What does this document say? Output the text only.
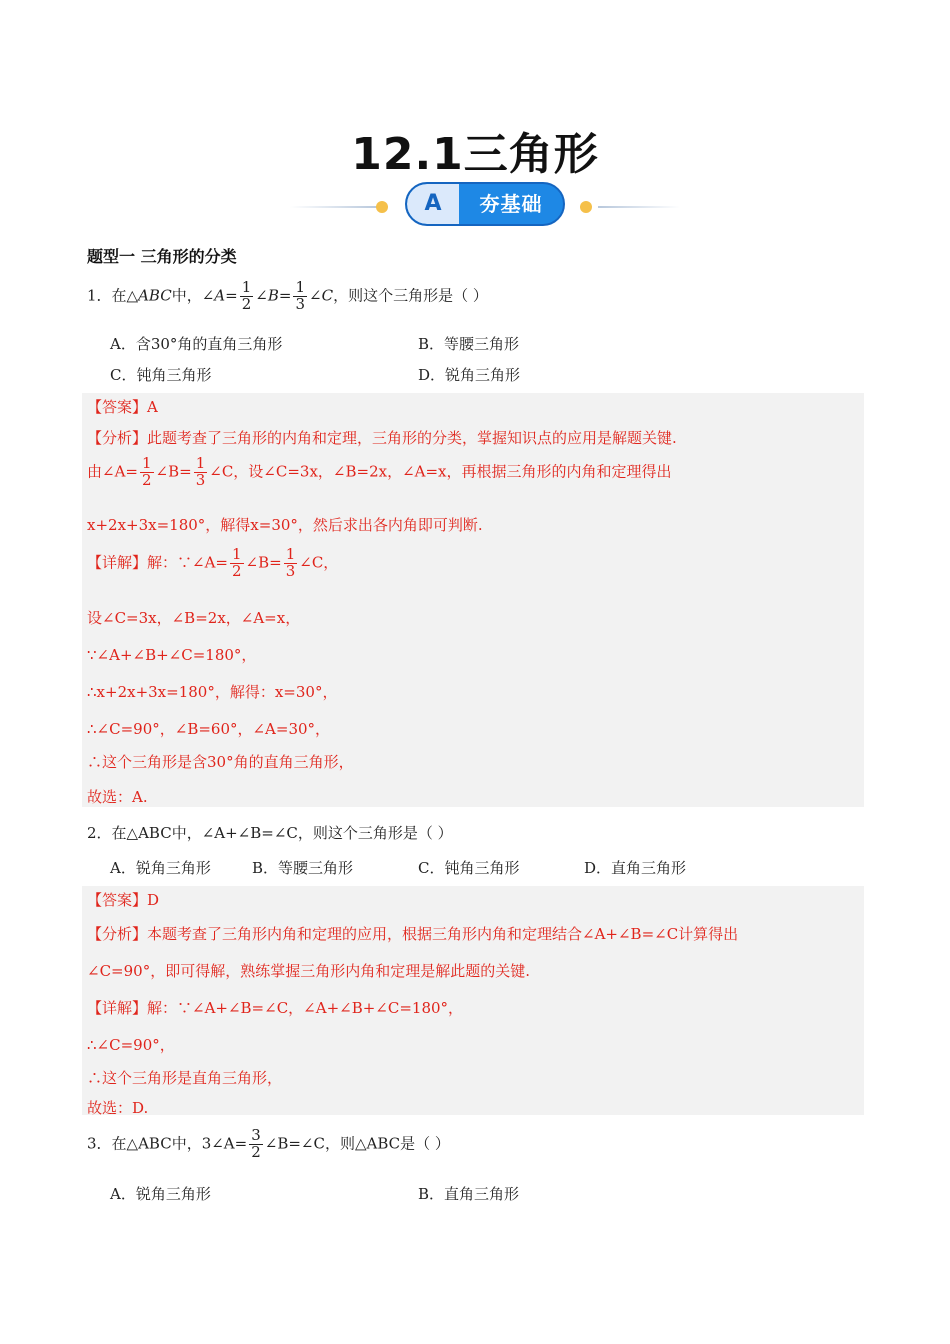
12.1三角形
A	夯基础
题型一 三角形的分类
1．在△ABC中，∠A= $\frac{1}{2}$ ∠B= $\frac{1}{3}$ ∠C，则这个三角形是（ ）
A．含30°角的直角三角形	B．等腰三角形
C．钝角三角形	D．锐角三角形
【答案】A
【分析】此题考查了三角形的内角和定理，三角形的分类，掌握知识点的应用是解题关键.
由∠A= $\frac{1}{2}$ ∠B= $\frac{1}{3}$ ∠C，设∠C=3x，∠B=2x，∠A=x，再根据三角形的内角和定理得出
x+2x+3x=180°，解得x=30°，然后求出各内角即可判断.
【详解】解：∵∠A= $\frac{1}{2}$ ∠B= $\frac{1}{3}$ ∠C，
设∠C=3x，∠B=2x，∠A=x，
∵∠A+∠B+∠C=180°，
∴x+2x+3x=180°，解得：x=30°，
∴∠C=90°，∠B=60°，∠A=30°，
∴这个三角形是含30°角的直角三角形，
故选：A.
2．在△ABC中，∠A+∠B=∠C，则这个三角形是（ ）
A．锐角三角形	B．等腰三角形	C．钝角三角形	D．直角三角形
【答案】D
【分析】本题考查了三角形内角和定理的应用，根据三角形内角和定理结合∠A+∠B=∠C计算得出
∠C=90°，即可得解，熟练掌握三角形内角和定理是解此题的关键.
【详解】解：∵∠A+∠B=∠C，∠A+∠B+∠C=180°，
∴∠C=90°，
∴这个三角形是直角三角形，
故选：D.
3．在△ABC中，3∠A= $\frac{3}{2}$ ∠B=∠C，则△ABC是（ ）
A．锐角三角形	B．直角三角形
